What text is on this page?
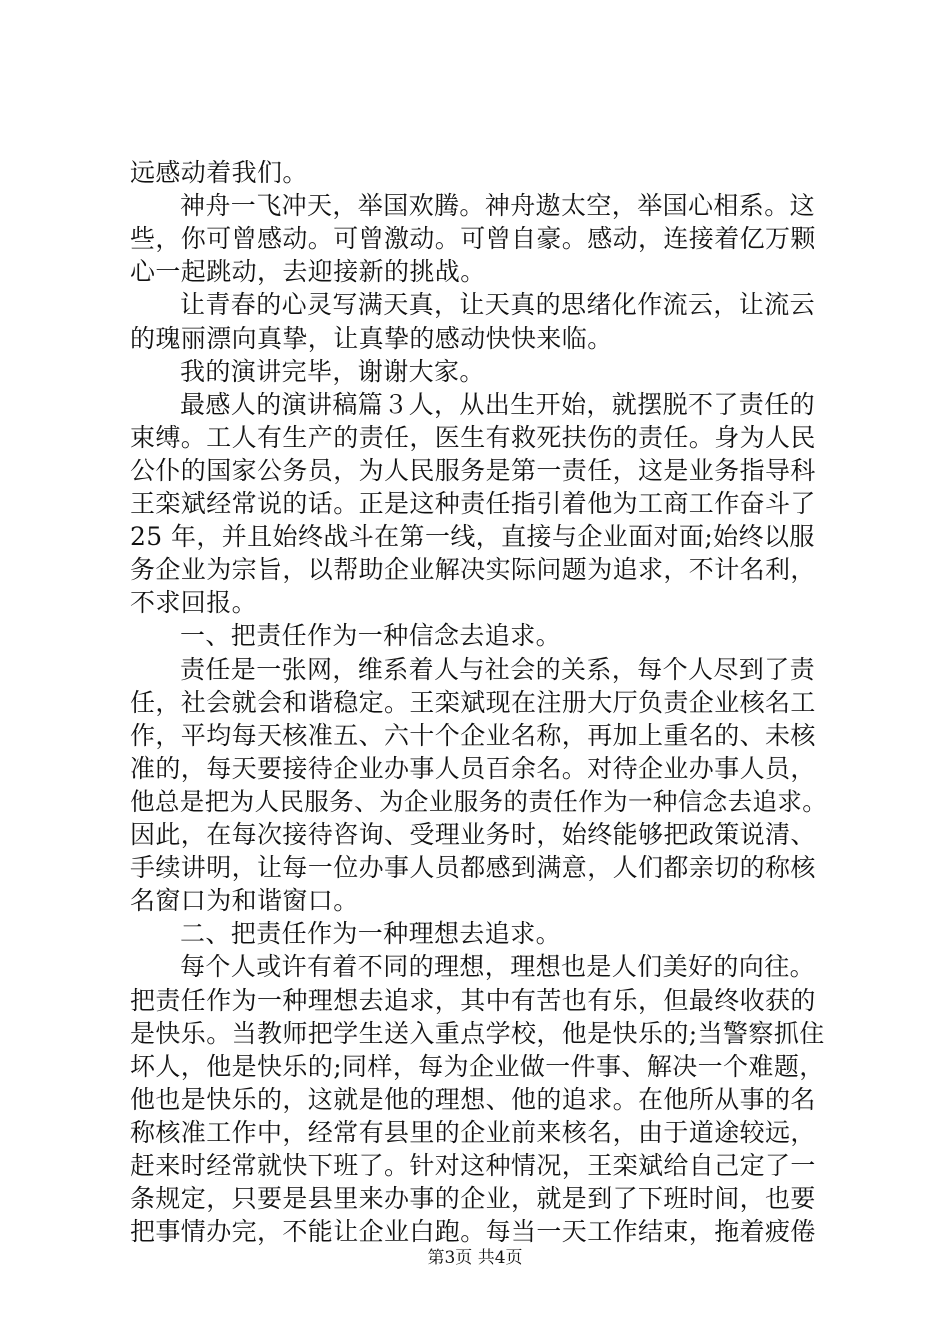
远感动着我们。
神舟一飞冲天，举国欢腾。神舟遨太空，举国心相系。这
些，你可曾感动。可曾激动。可曾自豪。感动，连接着亿万颗
心一起跳动，去迎接新的挑战。
让青春的心灵写满天真，让天真的思绪化作流云，让流云
的瑰丽漂向真挚，让真挚的感动快快来临。
我的演讲完毕，谢谢大家。
最感人的演讲稿篇３人，从出生开始，就摆脱不了责任的
束缚。工人有生产的责任，医生有救死扶伤的责任。身为人民
公仆的国家公务员，为人民服务是第一责任，这是业务指导科
王栾斌经常说的话。正是这种责任指引着他为工商工作奋斗了
25 年，并且始终战斗在第一线，直接与企业面对面;始终以服
务企业为宗旨，以帮助企业解决实际问题为追求，不计名利，
不求回报。
一、把责任作为一种信念去追求。
责任是一张网，维系着人与社会的关系，每个人尽到了责
任，社会就会和谐稳定。王栾斌现在注册大厅负责企业核名工
作，平均每天核准五、六十个企业名称，再加上重名的、未核
准的，每天要接待企业办事人员百余名。对待企业办事人员，
他总是把为人民服务、为企业服务的责任作为一种信念去追求。
因此，在每次接待咨询、受理业务时，始终能够把政策说清、
手续讲明，让每一位办事人员都感到满意，人们都亲切的称核
名窗口为和谐窗口。
二、把责任作为一种理想去追求。
每个人或许有着不同的理想，理想也是人们美好的向往。
把责任作为一种理想去追求，其中有苦也有乐，但最终收获的
是快乐。当教师把学生送入重点学校，他是快乐的;当警察抓住
坏人，他是快乐的;同样，每为企业做一件事、解决一个难题，
他也是快乐的，这就是他的理想、他的追求。在他所从事的名
称核准工作中，经常有县里的企业前来核名，由于道途较远，
赶来时经常就快下班了。针对这种情况，王栾斌给自己定了一
条规定，只要是县里来办事的企业，就是到了下班时间，也要
把事情办完，不能让企业白跑。每当一天工作结束，拖着疲倦
第3页 共4页
